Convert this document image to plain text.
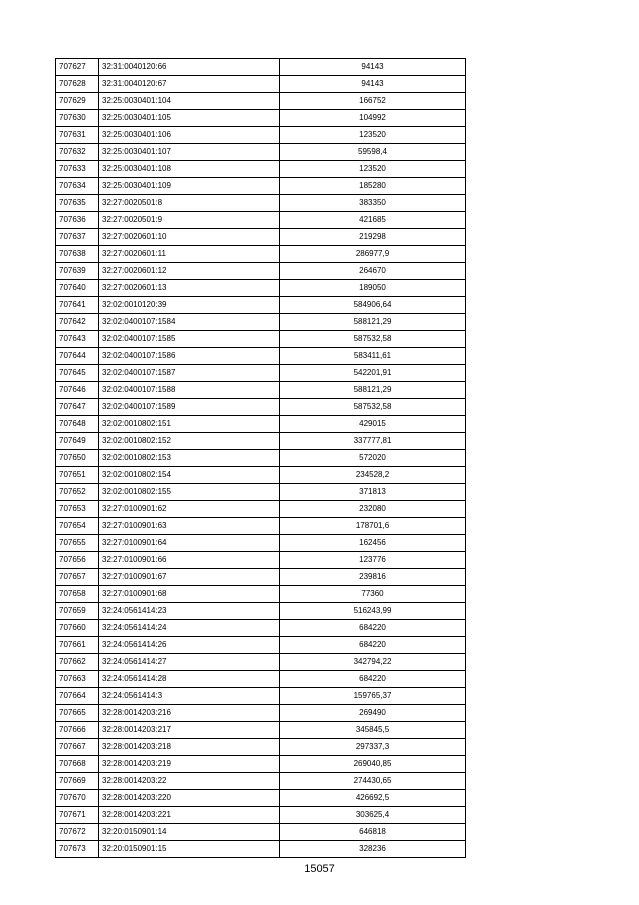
707627	32:31:0040120:66	94143
707628	32:31:0040120:67	94143
707629	32:25:0030401:104	166752
707630	32:25:0030401:105	104992
707631	32:25:0030401:106	123520
707632	32:25:0030401:107	59598,4
707633	32:25:0030401:108	123520
707634	32:25:0030401:109	185280
707635	32:27:0020501:8	383350
707636	32:27:0020501:9	421685
707637	32:27:0020601:10	219298
707638	32:27:0020601:11	286977,9
707639	32:27:0020601:12	264670
707640	32:27:0020601:13	189050
707641	32:02:0010120:39	584906,64
707642	32:02:0400107:1584	588121,29
707643	32:02:0400107:1585	587532,58
707644	32:02:0400107:1586	583411,61
707645	32:02:0400107:1587	542201,91
707646	32:02:0400107:1588	588121,29
707647	32:02:0400107:1589	587532,58
707648	32:02:0010802:151	429015
707649	32:02:0010802:152	337777,81
707650	32:02:0010802:153	572020
707651	32:02:0010802:154	234528,2
707652	32:02:0010802:155	371813
707653	32:27:0100901:62	232080
707654	32:27:0100901:63	178701,6
707655	32:27:0100901:64	162456
707656	32:27:0100901:66	123776
707657	32:27:0100901:67	239816
707658	32:27:0100901:68	77360
707659	32:24:0561414:23	516243,99
707660	32:24:0561414:24	684220
707661	32:24:0561414:26	684220
707662	32:24:0561414:27	342794,22
707663	32:24:0561414:28	684220
707664	32:24:0561414:3	159765,37
707665	32:28:0014203:216	269490
707666	32:28:0014203:217	345845,5
707667	32:28:0014203:218	297337,3
707668	32:28:0014203:219	269040,85
707669	32:28:0014203:22	274430,65
707670	32:28:0014203:220	426692,5
707671	32:28:0014203:221	303625,4
707672	32:20:0150901:14	646818
707673	32:20:0150901:15	328236
15057
